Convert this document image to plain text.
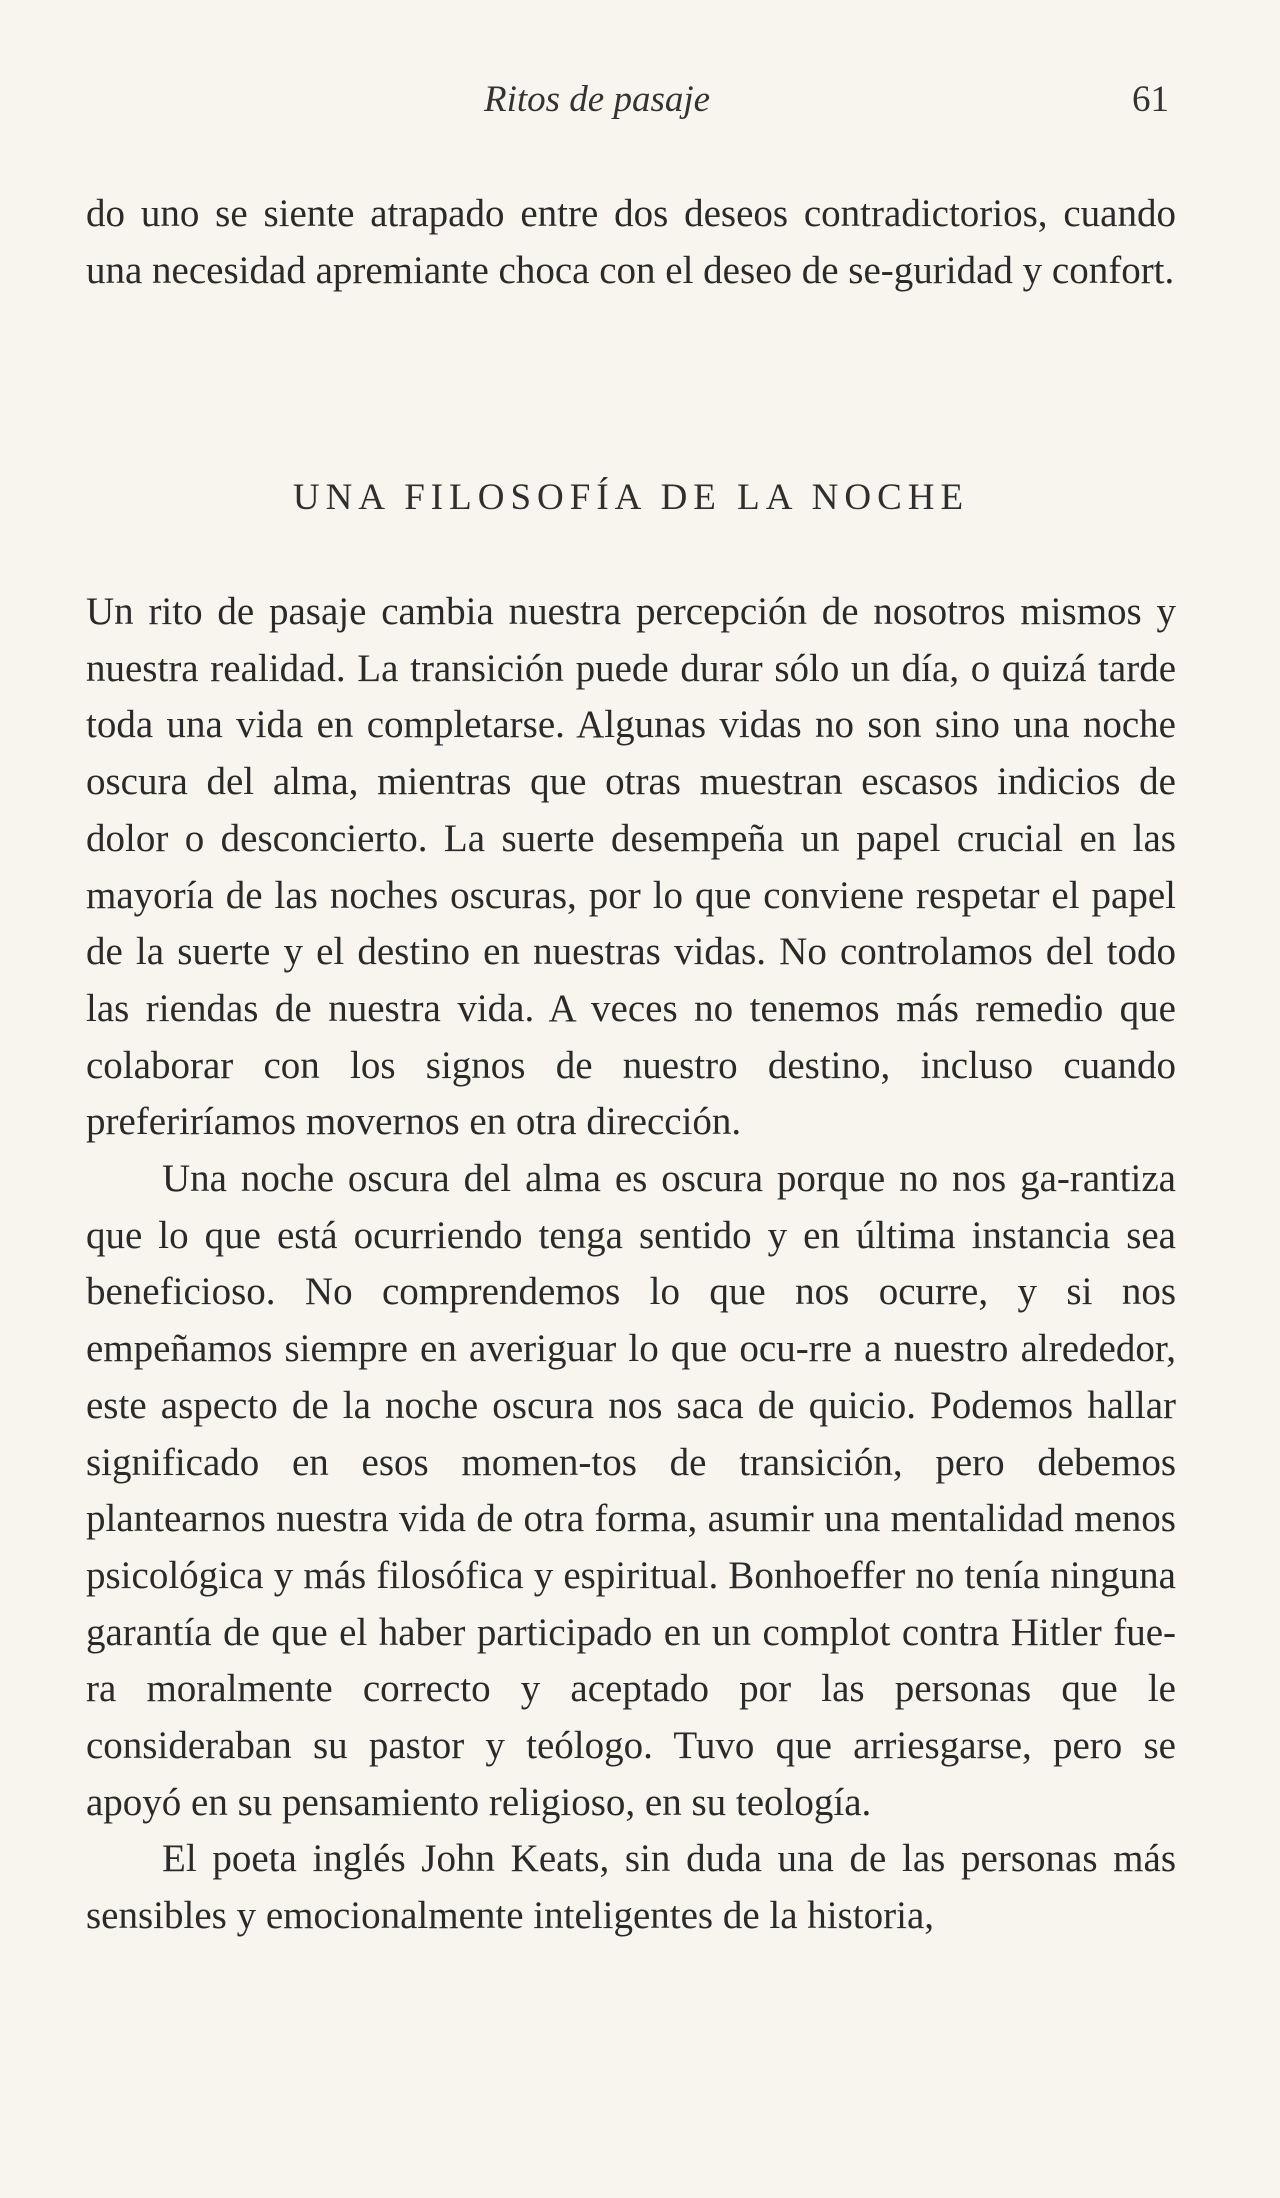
Ritos de pasaje	61

do uno se siente atrapado entre dos deseos contradictorios, cuando una necesidad apremiante choca con el deseo de se-guridad y confort.

UNA FILOSOFÍA DE LA NOCHE

Un rito de pasaje cambia nuestra percepción de nosotros mismos y nuestra realidad. La transición puede durar sólo un día, o quizá tarde toda una vida en completarse. Algunas vidas no son sino una noche oscura del alma, mientras que otras muestran escasos indicios de dolor o desconcierto. La suerte desempeña un papel crucial en las mayoría de las noches oscuras, por lo que conviene respetar el papel de la suerte y el destino en nuestras vidas. No controlamos del todo las riendas de nuestra vida. A veces no tenemos más remedio que colaborar con los signos de nuestro destino, incluso cuando preferiríamos movernos en otra dirección.

Una noche oscura del alma es oscura porque no nos ga-rantiza que lo que está ocurriendo tenga sentido y en última instancia sea beneficioso. No comprendemos lo que nos ocurre, y si nos empeñamos siempre en averiguar lo que ocu-rre a nuestro alrededor, este aspecto de la noche oscura nos saca de quicio. Podemos hallar significado en esos momen-tos de transición, pero debemos plantearnos nuestra vida de otra forma, asumir una mentalidad menos psicológica y más filosófica y espiritual. Bonhoeffer no tenía ninguna garantía de que el haber participado en un complot contra Hitler fue-ra moralmente correcto y aceptado por las personas que le consideraban su pastor y teólogo. Tuvo que arriesgarse, pero se apoyó en su pensamiento religioso, en su teología.

El poeta inglés John Keats, sin duda una de las personas más sensibles y emocionalmente inteligentes de la historia,
